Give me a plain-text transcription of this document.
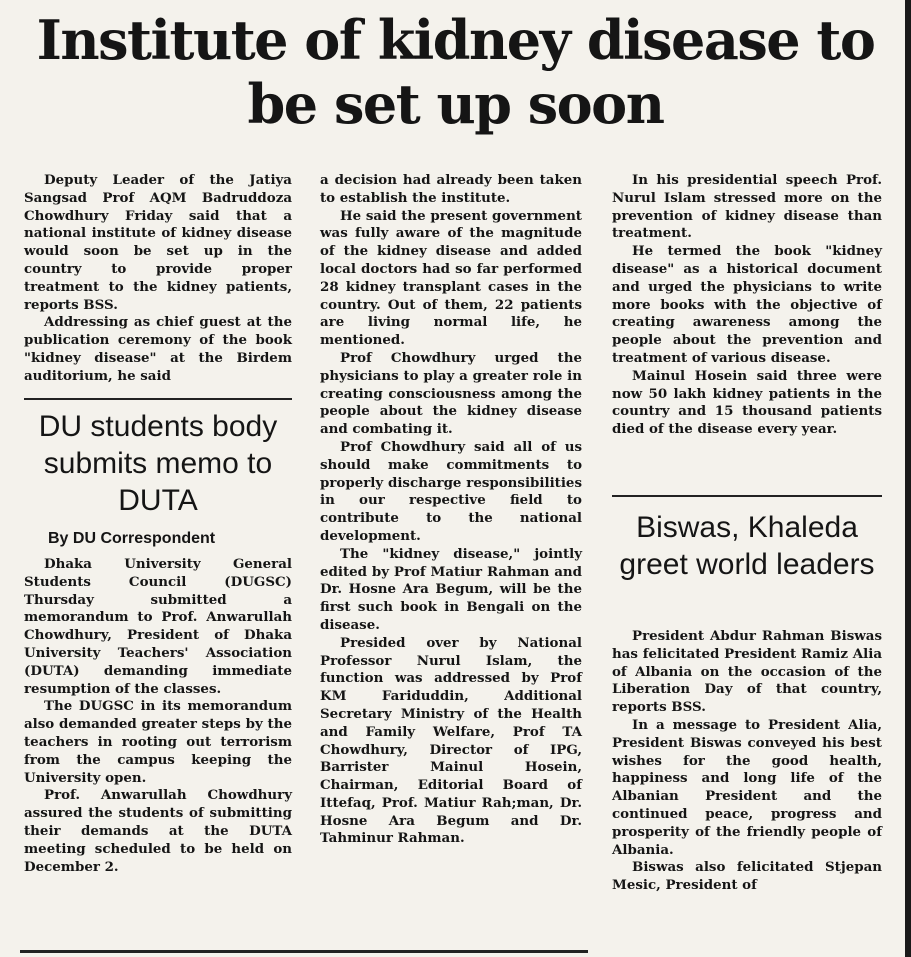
Institute of kidney disease to be set up soon

Deputy Leader of the Jatiya Sangsad Prof AQM Badruddoza Chowdhury Friday said that a national institute of kidney disease would soon be set up in the country to provide proper treatment to the kidney patients, reports BSS.

Addressing as chief guest at the publication ceremony of the book "kidney disease" at the Birdem auditorium, he said

DU students body submits memo to DUTA
By DU Correspondent

Dhaka University General Students Council (DUGSC) Thursday submitted a memorandum to Prof. Anwarullah Chowdhury, President of Dhaka University Teachers' Association (DUTA) demanding immediate resumption of the classes.

The DUGSC in its memorandum also demanded greater steps by the teachers in rooting out terrorism from the campus keeping the University open.

Prof. Anwarullah Chowdhury assured the students of submitting their demands at the DUTA meeting scheduled to be held on December 2.

a decision had already been taken to establish the institute.

He said the present government was fully aware of the magnitude of the kidney disease and added local doctors had so far performed 28 kidney transplant cases in the country. Out of them, 22 patients are living normal life, he mentioned.

Prof Chowdhury urged the physicians to play a greater role in creating consciousness among the people about the kidney disease and combating it.

Prof Chowdhury said all of us should make commitments to properly discharge responsibilities in our respective field to contribute to the national development.

The "kidney disease," jointly edited by Prof Matiur Rahman and Dr. Hosne Ara Begum, will be the first such book in Bengali on the disease.

Presided over by National Professor Nurul Islam, the function was addressed by Prof KM Fariduddin, Additional Secretary Ministry of the Health and Family Welfare, Prof TA Chowdhury, Director of IPG, Barrister Mainul Hosein, Chairman, Editorial Board of Ittefaq, Prof. Matiur Rah;man, Dr. Hosne Ara Begum and Dr. Tahminur Rahman.

In his presidential speech Prof. Nurul Islam stressed more on the prevention of kidney disease than treatment.

He termed the book "kidney disease" as a historical document and urged the physicians to write more books with the objective of creating awareness among the people about the prevention and treatment of various disease.

Mainul Hosein said three were now 50 lakh kidney patients in the country and 15 thousand patients died of the disease every year.

Biswas, Khaleda greet world leaders

President Abdur Rahman Biswas has felicitated President Ramiz Alia of Albania on the occasion of the Liberation Day of that country, reports BSS.

In a message to President Alia, President Biswas conveyed his best wishes for the good health, happiness and long life of the Albanian President and the continued peace, progress and prosperity of the friendly people of Albania.

Biswas also felicitated Stjepan Mesic, President of
